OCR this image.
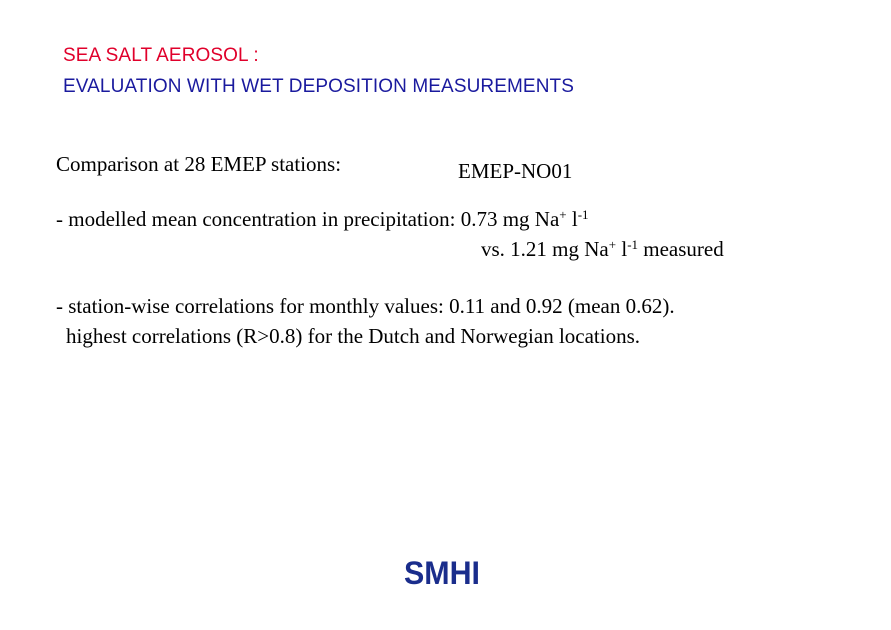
SEA SALT AEROSOL :
EVALUATION WITH WET DEPOSITION MEASUREMENTS

Comparison at 28 EMEP stations:	EMEP-NO01

- modelled mean concentration in precipitation: 0.73 mg Na+ $l^{-1}$

vs. 1.21 mg Na+ $l^{-1}$ measured

- station-wise correlations for monthly values: 0.11 and 0.92 (mean 0.62).

highest correlations (R>0.8) for the Dutch and Norwegian locations.

SMHI
